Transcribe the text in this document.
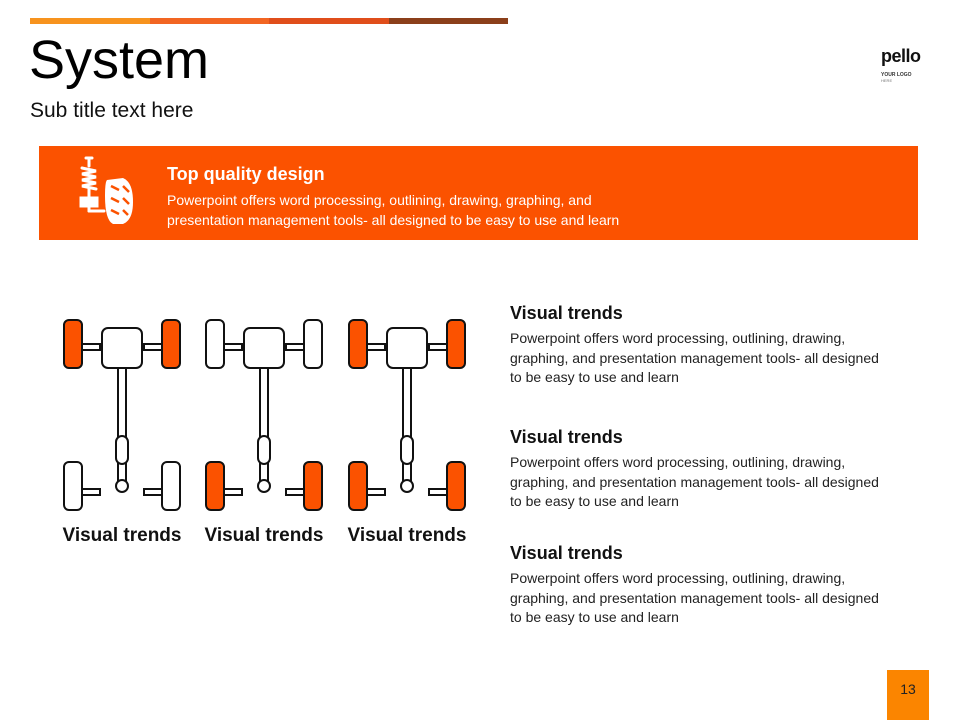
System
Sub title text here
pello
YOUR LOGO
HERE
Top quality design
Powerpoint offers word processing, outlining, drawing, graphing, and
presentation management tools- all designed to be easy to use and learn
Visual trends	Visual trends	Visual trends
Visual trends
Powerpoint offers word processing, outlining, drawing,
graphing, and presentation management tools- all designed
to be easy to use and learn
Visual trends
Powerpoint offers word processing, outlining, drawing,
graphing, and presentation management tools- all designed
to be easy to use and learn
Visual trends
Powerpoint offers word processing, outlining, drawing,
graphing, and presentation management tools- all designed
to be easy to use and learn
13
